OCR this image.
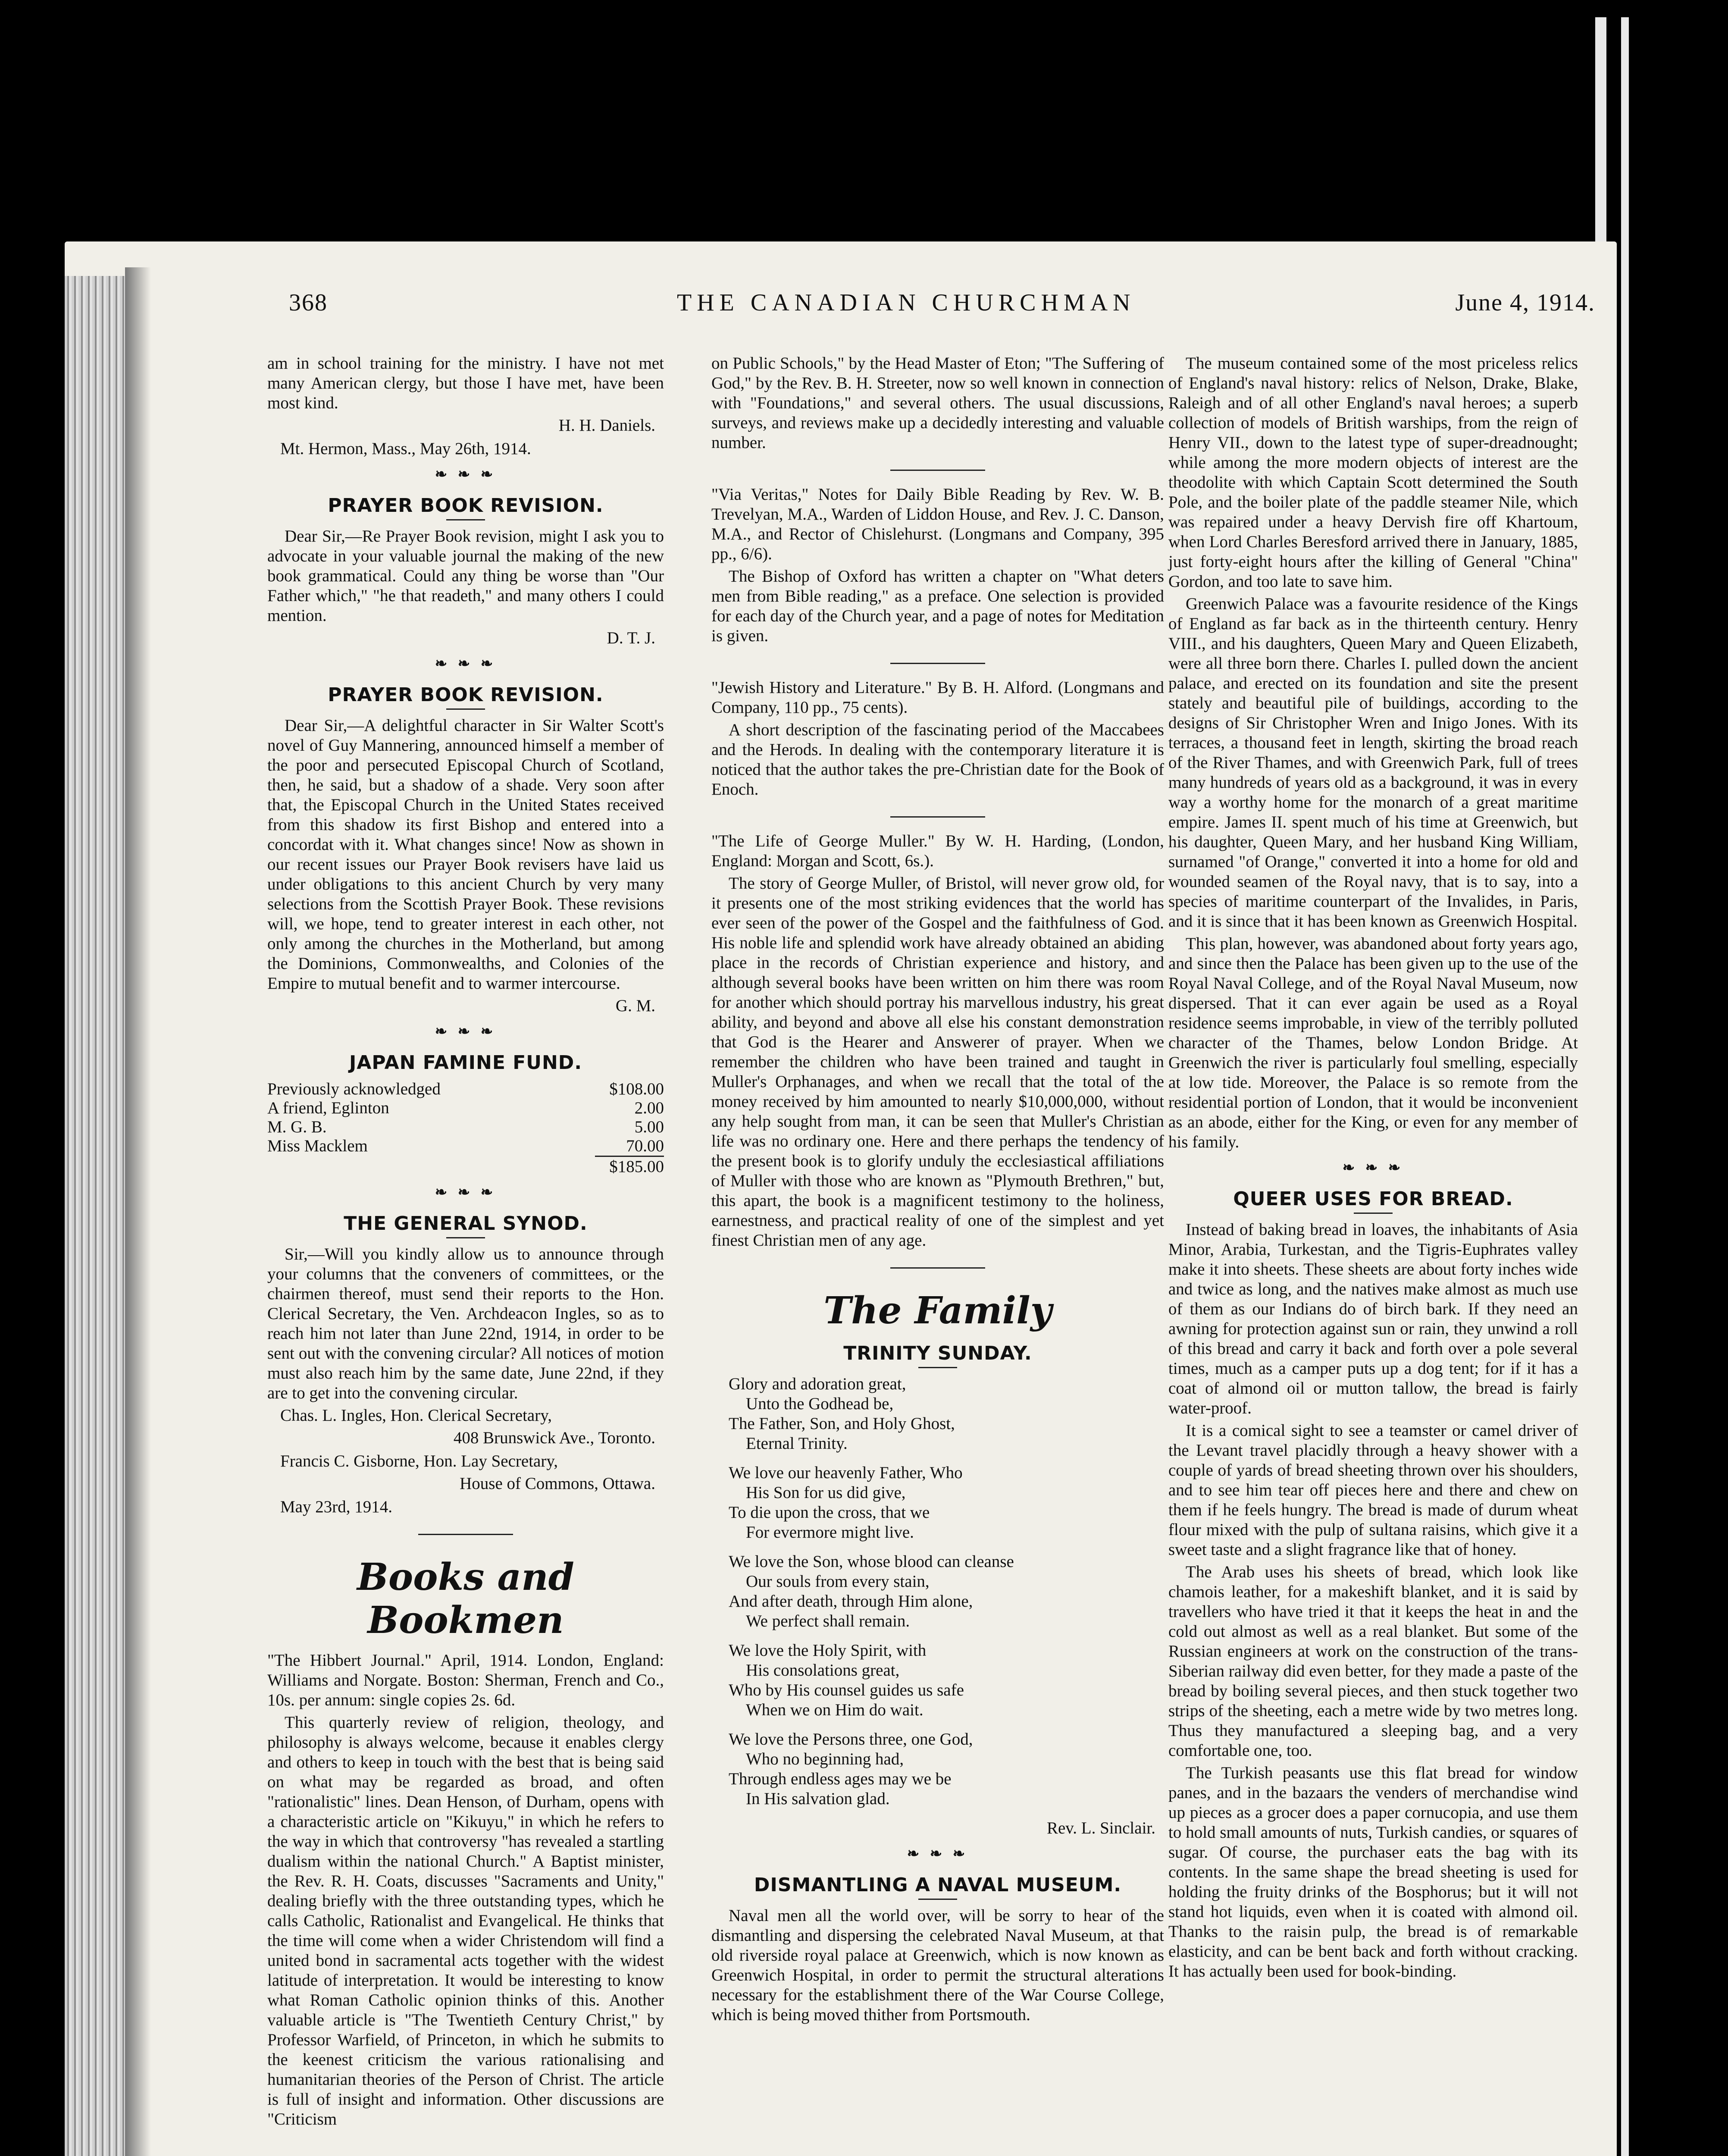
368	THE CANADIAN CHURCHMAN	June 4, 1914.

am in school training for the ministry. I have not met many American clergy, but those I have met, have been most kind.

H. H. Daniels.

Mt. Hermon, Mass., May 26th, 1914.

❧ ❧ ❧
PRAYER BOOK REVISION.

Dear Sir,—Re Prayer Book revision, might I ask you to advocate in your valuable journal the making of the new book grammatical. Could any thing be worse than "Our Father which," "he that readeth," and many others I could mention.

D. T. J.

❧ ❧ ❧
PRAYER BOOK REVISION.

Dear Sir,—A delightful character in Sir Walter Scott's novel of Guy Mannering, announced himself a member of the poor and persecuted Episcopal Church of Scotland, then, he said, but a shadow of a shade. Very soon after that, the Episcopal Church in the United States received from this shadow its first Bishop and entered into a concordat with it. What changes since! Now as shown in our recent issues our Prayer Book revisers have laid us under obligations to this ancient Church by very many selections from the Scottish Prayer Book. These revisions will, we hope, tend to greater interest in each other, not only among the churches in the Motherland, but among the Dominions, Commonwealths, and Colonies of the Empire to mutual benefit and to warmer intercourse.

G. M.

❧ ❧ ❧
JAPAN FAMINE FUND.
Previously acknowledged	$108.00
A friend, Eglinton	2.00
M. G. B.	5.00
Miss Macklem	70.00
$185.00
❧ ❧ ❧
THE GENERAL SYNOD.

Sir,—Will you kindly allow us to announce through your columns that the conveners of committees, or the chairmen thereof, must send their reports to the Hon. Clerical Secretary, the Ven. Archdeacon Ingles, so as to reach him not later than June 22nd, 1914, in order to be sent out with the convening circular? All notices of motion must also reach him by the same date, June 22nd, if they are to get into the convening circular.

Chas. L. Ingles, Hon. Clerical Secretary,

408 Brunswick Ave., Toronto.

Francis C. Gisborne, Hon. Lay Secretary,

House of Commons, Ottawa.

May 23rd, 1914.

Books and Bookmen

"The Hibbert Journal." April, 1914. London, England: Williams and Norgate. Boston: Sherman, French and Co., 10s. per annum: single copies 2s. 6d.

This quarterly review of religion, theology, and philosophy is always welcome, because it enables clergy and others to keep in touch with the best that is being said on what may be regarded as broad, and often "rationalistic" lines. Dean Henson, of Durham, opens with a characteristic article on "Kikuyu," in which he refers to the way in which that controversy "has revealed a startling dualism within the national Church." A Baptist minister, the Rev. R. H. Coats, discusses "Sacraments and Unity," dealing briefly with the three outstanding types, which he calls Catholic, Rationalist and Evangelical. He thinks that the time will come when a wider Christendom will find a united bond in sacramental acts together with the widest latitude of interpretation. It would be interesting to know what Roman Catholic opinion thinks of this. Another valuable article is "The Twentieth Century Christ," by Professor Warfield, of Princeton, in which he submits to the keenest criticism the various rationalising and humanitarian theories of the Person of Christ. The article is full of insight and information. Other discussions are "Criticism

on Public Schools," by the Head Master of Eton; "The Suffering of God," by the Rev. B. H. Streeter, now so well known in connection with "Foundations," and several others. The usual discussions, surveys, and reviews make up a decidedly interesting and valuable number.

"Via Veritas," Notes for Daily Bible Reading by Rev. W. B. Trevelyan, M.A., Warden of Liddon House, and Rev. J. C. Danson, M.A., and Rector of Chislehurst. (Longmans and Company, 395 pp., 6/6).

The Bishop of Oxford has written a chapter on "What deters men from Bible reading," as a preface. One selection is provided for each day of the Church year, and a page of notes for Meditation is given.

"Jewish History and Literature." By B. H. Alford. (Longmans and Company, 110 pp., 75 cents).

A short description of the fascinating period of the Maccabees and the Herods. In dealing with the contemporary literature it is noticed that the author takes the pre-Christian date for the Book of Enoch.

"The Life of George Muller." By W. H. Harding, (London, England: Morgan and Scott, 6s.).

The story of George Muller, of Bristol, will never grow old, for it presents one of the most striking evidences that the world has ever seen of the power of the Gospel and the faithfulness of God. His noble life and splendid work have already obtained an abiding place in the records of Christian experience and history, and although several books have been written on him there was room for another which should portray his marvellous industry, his great ability, and beyond and above all else his constant demonstration that God is the Hearer and Answerer of prayer. When we remember the children who have been trained and taught in Muller's Orphanages, and when we recall that the total of the money received by him amounted to nearly $10,000,000, without any help sought from man, it can be seen that Muller's Christian life was no ordinary one. Here and there perhaps the tendency of the present book is to glorify unduly the ecclesiastical affiliations of Muller with those who are known as "Plymouth Brethren," but, this apart, the book is a magnificent testimony to the holiness, earnestness, and practical reality of one of the simplest and yet finest Christian men of any age.

The Family
TRINITY SUNDAY.
Glory and adoration great,
Unto the Godhead be,
The Father, Son, and Holy Ghost,
Eternal Trinity.
We love our heavenly Father, Who
His Son for us did give,
To die upon the cross, that we
For evermore might live.
We love the Son, whose blood can cleanse
Our souls from every stain,
And after death, through Him alone,
We perfect shall remain.
We love the Holy Spirit, with
His consolations great,
Who by His counsel guides us safe
When we on Him do wait.
We love the Persons three, one God,
Who no beginning had,
Through endless ages may we be
In His salvation glad.

Rev. L. Sinclair.

❧ ❧ ❧
DISMANTLING A NAVAL MUSEUM.

Naval men all the world over, will be sorry to hear of the dismantling and dispersing the celebrated Naval Museum, at that old riverside royal palace at Greenwich, which is now known as Greenwich Hospital, in order to permit the structural alterations necessary for the establishment there of the War Course College, which is being moved thither from Portsmouth.

The museum contained some of the most priceless relics of England's naval history: relics of Nelson, Drake, Blake, Raleigh and of all other England's naval heroes; a superb collection of models of British warships, from the reign of Henry VII., down to the latest type of super-dreadnought; while among the more modern objects of interest are the theodolite with which Captain Scott determined the South Pole, and the boiler plate of the paddle steamer Nile, which was repaired under a heavy Dervish fire off Khartoum, when Lord Charles Beresford arrived there in January, 1885, just forty-eight hours after the killing of General "China" Gordon, and too late to save him.

Greenwich Palace was a favourite residence of the Kings of England as far back as in the thirteenth century. Henry VIII., and his daughters, Queen Mary and Queen Elizabeth, were all three born there. Charles I. pulled down the ancient palace, and erected on its foundation and site the present stately and beautiful pile of buildings, according to the designs of Sir Christopher Wren and Inigo Jones. With its terraces, a thousand feet in length, skirting the broad reach of the River Thames, and with Greenwich Park, full of trees many hundreds of years old as a background, it was in every way a worthy home for the monarch of a great maritime empire. James II. spent much of his time at Greenwich, but his daughter, Queen Mary, and her husband King William, surnamed "of Orange," converted it into a home for old and wounded seamen of the Royal navy, that is to say, into a species of maritime counterpart of the Invalides, in Paris, and it is since that it has been known as Greenwich Hospital.

This plan, however, was abandoned about forty years ago, and since then the Palace has been given up to the use of the Royal Naval College, and of the Royal Naval Museum, now dispersed. That it can ever again be used as a Royal residence seems improbable, in view of the terribly polluted character of the Thames, below London Bridge. At Greenwich the river is particularly foul smelling, especially at low tide. Moreover, the Palace is so remote from the residential portion of London, that it would be inconvenient as an abode, either for the King, or even for any member of his family.

❧ ❧ ❧
QUEER USES FOR BREAD.

Instead of baking bread in loaves, the inhabitants of Asia Minor, Arabia, Turkestan, and the Tigris-Euphrates valley make it into sheets. These sheets are about forty inches wide and twice as long, and the natives make almost as much use of them as our Indians do of birch bark. If they need an awning for protection against sun or rain, they unwind a roll of this bread and carry it back and forth over a pole several times, much as a camper puts up a dog tent; for if it has a coat of almond oil or mutton tallow, the bread is fairly water-proof.

It is a comical sight to see a teamster or camel driver of the Levant travel placidly through a heavy shower with a couple of yards of bread sheeting thrown over his shoulders, and to see him tear off pieces here and there and chew on them if he feels hungry. The bread is made of durum wheat flour mixed with the pulp of sultana raisins, which give it a sweet taste and a slight fragrance like that of honey.

The Arab uses his sheets of bread, which look like chamois leather, for a makeshift blanket, and it is said by travellers who have tried it that it keeps the heat in and the cold out almost as well as a real blanket. But some of the Russian engineers at work on the construction of the trans-Siberian railway did even better, for they made a paste of the bread by boiling several pieces, and then stuck together two strips of the sheeting, each a metre wide by two metres long. Thus they manufactured a sleeping bag, and a very comfortable one, too.

The Turkish peasants use this flat bread for window panes, and in the bazaars the venders of merchandise wind up pieces as a grocer does a paper cornucopia, and use them to hold small amounts of nuts, Turkish candies, or squares of sugar. Of course, the purchaser eats the bag with its contents. In the same shape the bread sheeting is used for holding the fruity drinks of the Bosphorus; but it will not stand hot liquids, even when it is coated with almond oil. Thanks to the raisin pulp, the bread is of remarkable elasticity, and can be bent back and forth without cracking. It has actually been used for book-binding.
